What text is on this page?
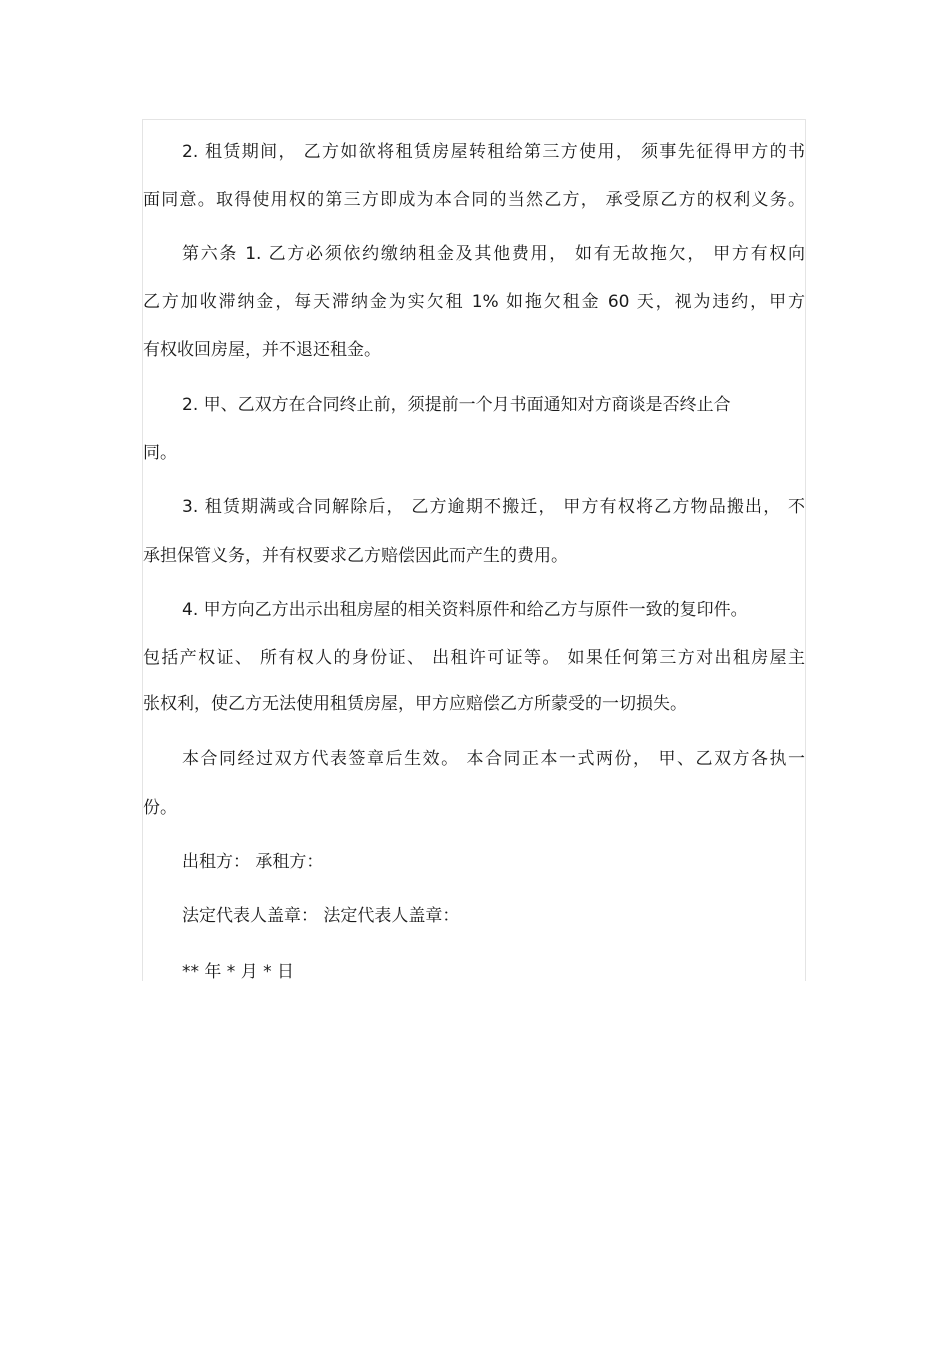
2. 租赁期间， 乙方如欲将租赁房屋转租给第三方使用， 须事先征得甲方的书
面同意。取得使用权的第三方即成为本合同的当然乙方， 承受原乙方的权利义务。
第六条 1. 乙方必须依约缴纳租金及其他费用， 如有无故拖欠， 甲方有权向
乙方加收滞纳金，每天滞纳金为实欠租 1% 如拖欠租金 60 天，视为违约，甲方
有权收回房屋，并不退还租金。
2. 甲、乙双方在合同终止前，须提前一个月书面通知对方商谈是否终止合
同。
3. 租赁期满或合同解除后， 乙方逾期不搬迁， 甲方有权将乙方物品搬出， 不
承担保管义务，并有权要求乙方赔偿因此而产生的费用。
4. 甲方向乙方出示出租房屋的相关资料原件和给乙方与原件一致的复印件。
包括产权证、 所有权人的身份证、 出租许可证等。 如果任何第三方对出租房屋主
张权利，使乙方无法使用租赁房屋，甲方应赔偿乙方所蒙受的一切损失。
本合同经过双方代表签章后生效。 本合同正本一式两份， 甲、乙双方各执一
份。
出租方： 承租方：
法定代表人盖章： 法定代表人盖章：
** 年 * 月 * 日
